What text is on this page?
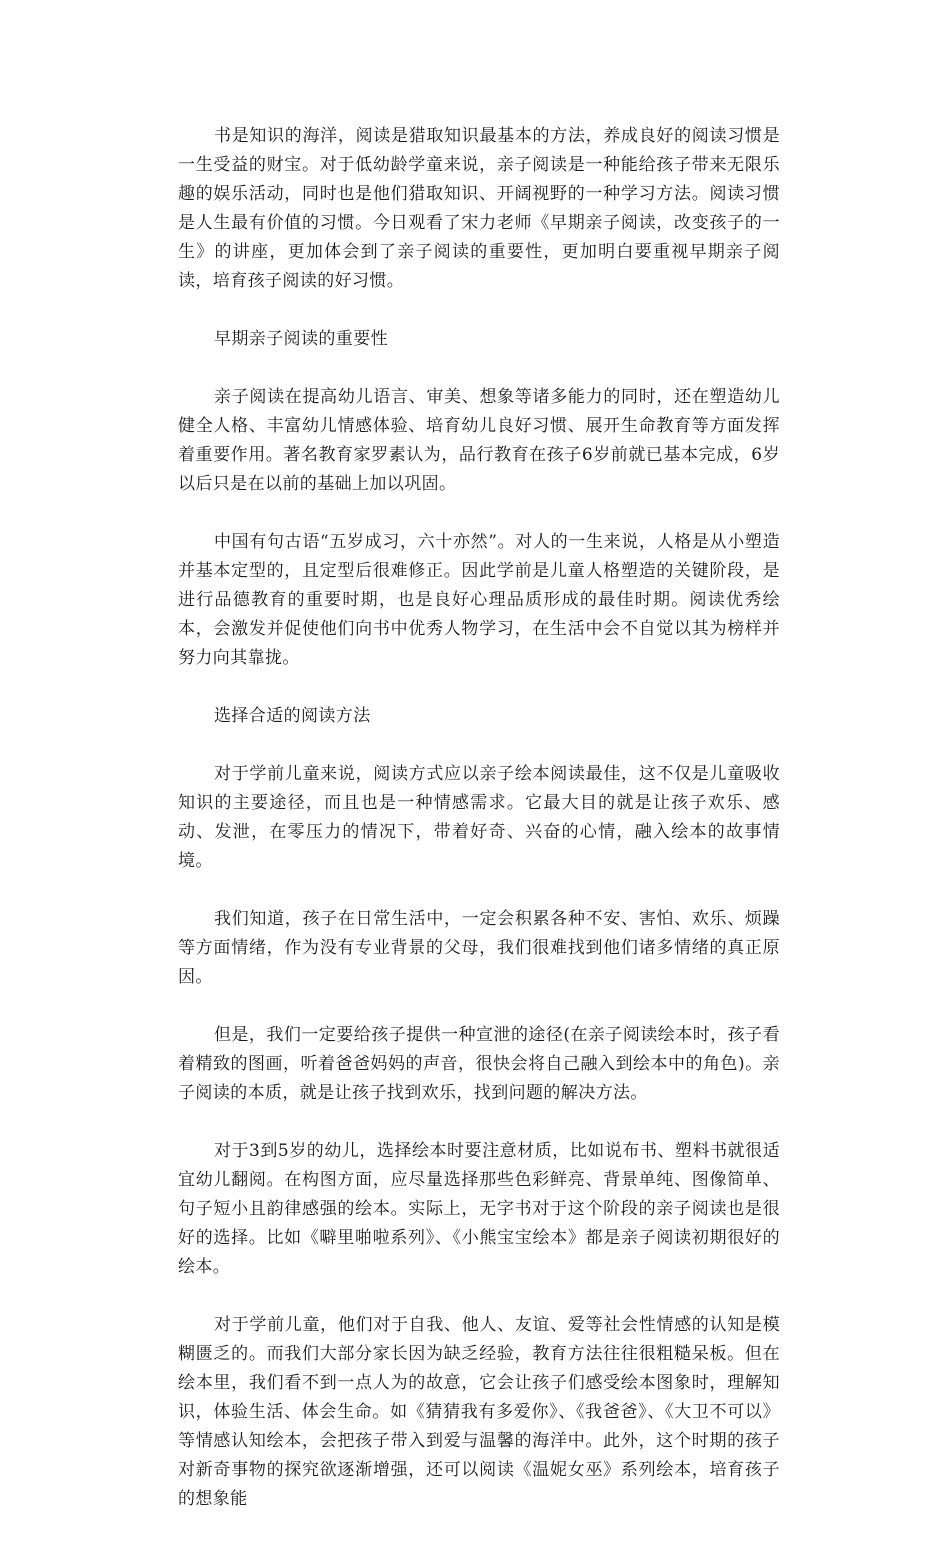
书是知识的海洋，阅读是猎取知识最基本的方法，养成良好的阅读习惯是一生受益的财宝。对于低幼龄学童来说，亲子阅读是一种能给孩子带来无限乐趣的娱乐活动，同时也是他们猎取知识、开阔视野的一种学习方法。阅读习惯是人生最有价值的习惯。今日观看了宋力老师《早期亲子阅读，改变孩子的一生》的讲座，更加体会到了亲子阅读的重要性，更加明白要重视早期亲子阅读，培育孩子阅读的好习惯。

早期亲子阅读的重要性

亲子阅读在提高幼儿语言、审美、想象等诸多能力的同时，还在塑造幼儿健全人格、丰富幼儿情感体验、培育幼儿良好习惯、展开生命教育等方面发挥着重要作用。著名教育家罗素认为，品行教育在孩子6岁前就已基本完成，6岁以后只是在以前的基础上加以巩固。

中国有句古语“五岁成习，六十亦然”。对人的一生来说，人格是从小塑造并基本定型的，且定型后很难修正。因此学前是儿童人格塑造的关键阶段，是进行品德教育的重要时期，也是良好心理品质形成的最佳时期。阅读优秀绘本，会激发并促使他们向书中优秀人物学习，在生活中会不自觉以其为榜样并努力向其靠拢。

选择合适的阅读方法

对于学前儿童来说，阅读方式应以亲子绘本阅读最佳，这不仅是儿童吸收知识的主要途径，而且也是一种情感需求。它最大目的就是让孩子欢乐、感动、发泄，在零压力的情况下，带着好奇、兴奋的心情，融入绘本的故事情境。

我们知道，孩子在日常生活中，一定会积累各种不安、害怕、欢乐、烦躁等方面情绪，作为没有专业背景的父母，我们很难找到他们诸多情绪的真正原因。

但是，我们一定要给孩子提供一种宣泄的途径(在亲子阅读绘本时，孩子看着精致的图画，听着爸爸妈妈的声音，很快会将自己融入到绘本中的角色)。亲子阅读的本质，就是让孩子找到欢乐，找到问题的解决方法。

对于3到5岁的幼儿，选择绘本时要注意材质，比如说布书、塑料书就很适宜幼儿翻阅。在构图方面，应尽量选择那些色彩鲜亮、背景单纯、图像简单、句子短小且韵律感强的绘本。实际上，无字书对于这个阶段的亲子阅读也是很好的选择。比如《噼里啪啦系列》、《小熊宝宝绘本》都是亲子阅读初期很好的绘本。

对于学前儿童，他们对于自我、他人、友谊、爱等社会性情感的认知是模糊匮乏的。而我们大部分家长因为缺乏经验，教育方法往往很粗糙呆板。但在绘本里，我们看不到一点人为的故意，它会让孩子们感受绘本图象时，理解知识，体验生活、体会生命。如《猜猜我有多爱你》、《我爸爸》、《大卫不可以》等情感认知绘本，会把孩子带入到爱与温馨的海洋中。此外，这个时期的孩子对新奇事物的探究欲逐渐增强，还可以阅读《温妮女巫》系列绘本，培育孩子的想象能
